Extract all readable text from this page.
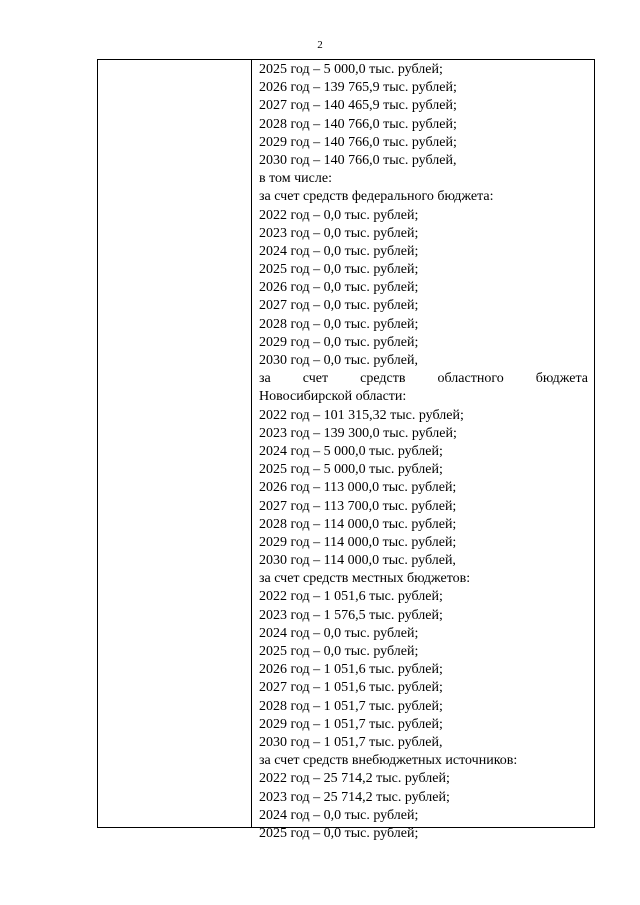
2
2025 год – 5 000,0 тыс. рублей;
2026 год – 139 765,9 тыс. рублей;
2027 год – 140 465,9 тыс. рублей;
2028 год – 140 766,0 тыс. рублей;
2029 год – 140 766,0 тыс. рублей;
2030 год – 140 766,0 тыс. рублей,
в том числе:
за счет средств федерального бюджета:
2022 год – 0,0 тыс. рублей;
2023 год – 0,0 тыс. рублей;
2024 год – 0,0 тыс. рублей;
2025 год – 0,0 тыс. рублей;
2026 год – 0,0 тыс. рублей;
2027 год – 0,0 тыс. рублей;
2028 год – 0,0 тыс. рублей;
2029 год – 0,0 тыс. рублей;
2030 год – 0,0 тыс. рублей,
за счет средств областного бюджета
Новосибирской области:
2022 год – 101 315,32 тыс. рублей;
2023 год – 139 300,0 тыс. рублей;
2024 год – 5 000,0 тыс. рублей;
2025 год – 5 000,0 тыс. рублей;
2026 год – 113 000,0 тыс. рублей;
2027 год – 113 700,0 тыс. рублей;
2028 год – 114 000,0 тыс. рублей;
2029 год – 114 000,0 тыс. рублей;
2030 год – 114 000,0 тыс. рублей,
за счет средств местных бюджетов:
2022 год – 1 051,6 тыс. рублей;
2023 год – 1 576,5 тыс. рублей;
2024 год – 0,0 тыс. рублей;
2025 год – 0,0 тыс. рублей;
2026 год – 1 051,6 тыс. рублей;
2027 год – 1 051,6 тыс. рублей;
2028 год – 1 051,7 тыс. рублей;
2029 год – 1 051,7 тыс. рублей;
2030 год – 1 051,7 тыс. рублей,
за счет средств внебюджетных источников:
2022 год – 25 714,2 тыс. рублей;
2023 год – 25 714,2 тыс. рублей;
2024 год – 0,0 тыс. рублей;
2025 год – 0,0 тыс. рублей;
